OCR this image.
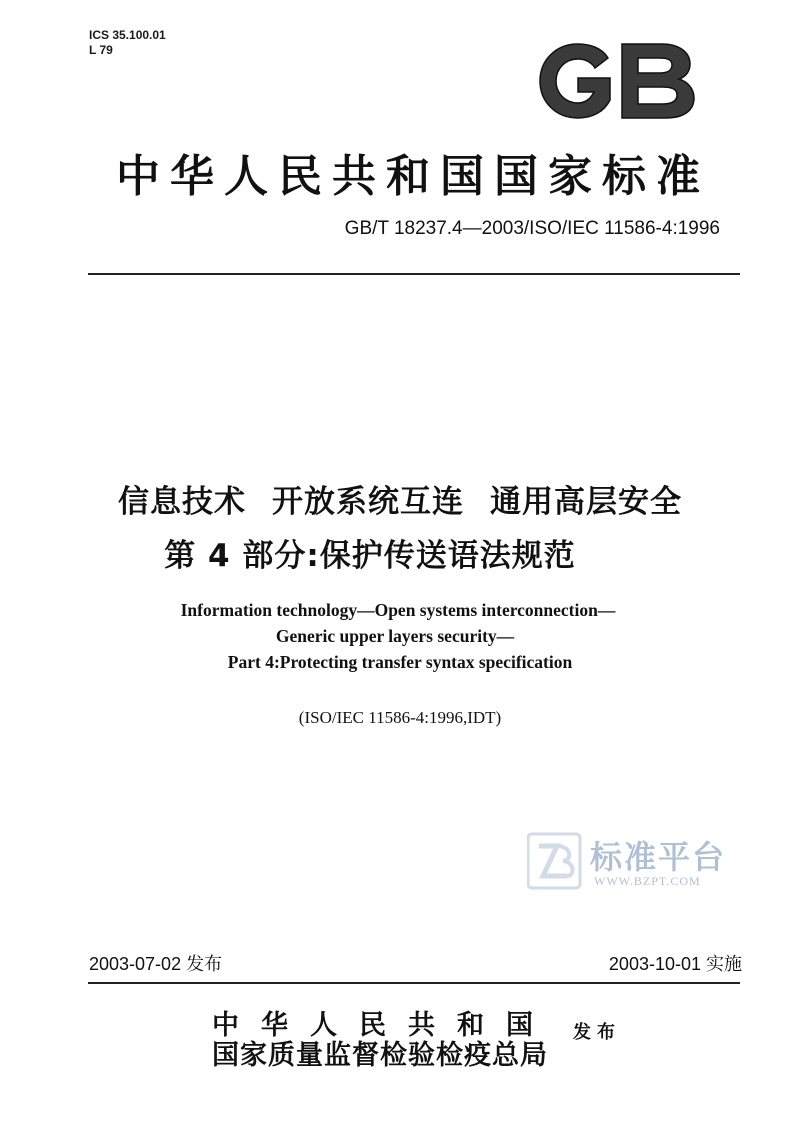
ICS 35.100.01
L 79
GB
中华人民共和国国家标准
GB/T 18237.4—2003/ISO/IEC 11586-4:1996
信息技术 开放系统互连 通用高层安全
第 4 部分:保护传送语法规范
Information technology—Open systems interconnection—
Generic upper layers security—
Part 4:Protecting transfer syntax specification
(ISO/IEC 11586-4:1996,IDT)
标准平台
WWW.BZPT.COM
2003-07-02 发布	2003-10-01 实施
中华人民共和国
国家质量监督检验检疫总局
发布
